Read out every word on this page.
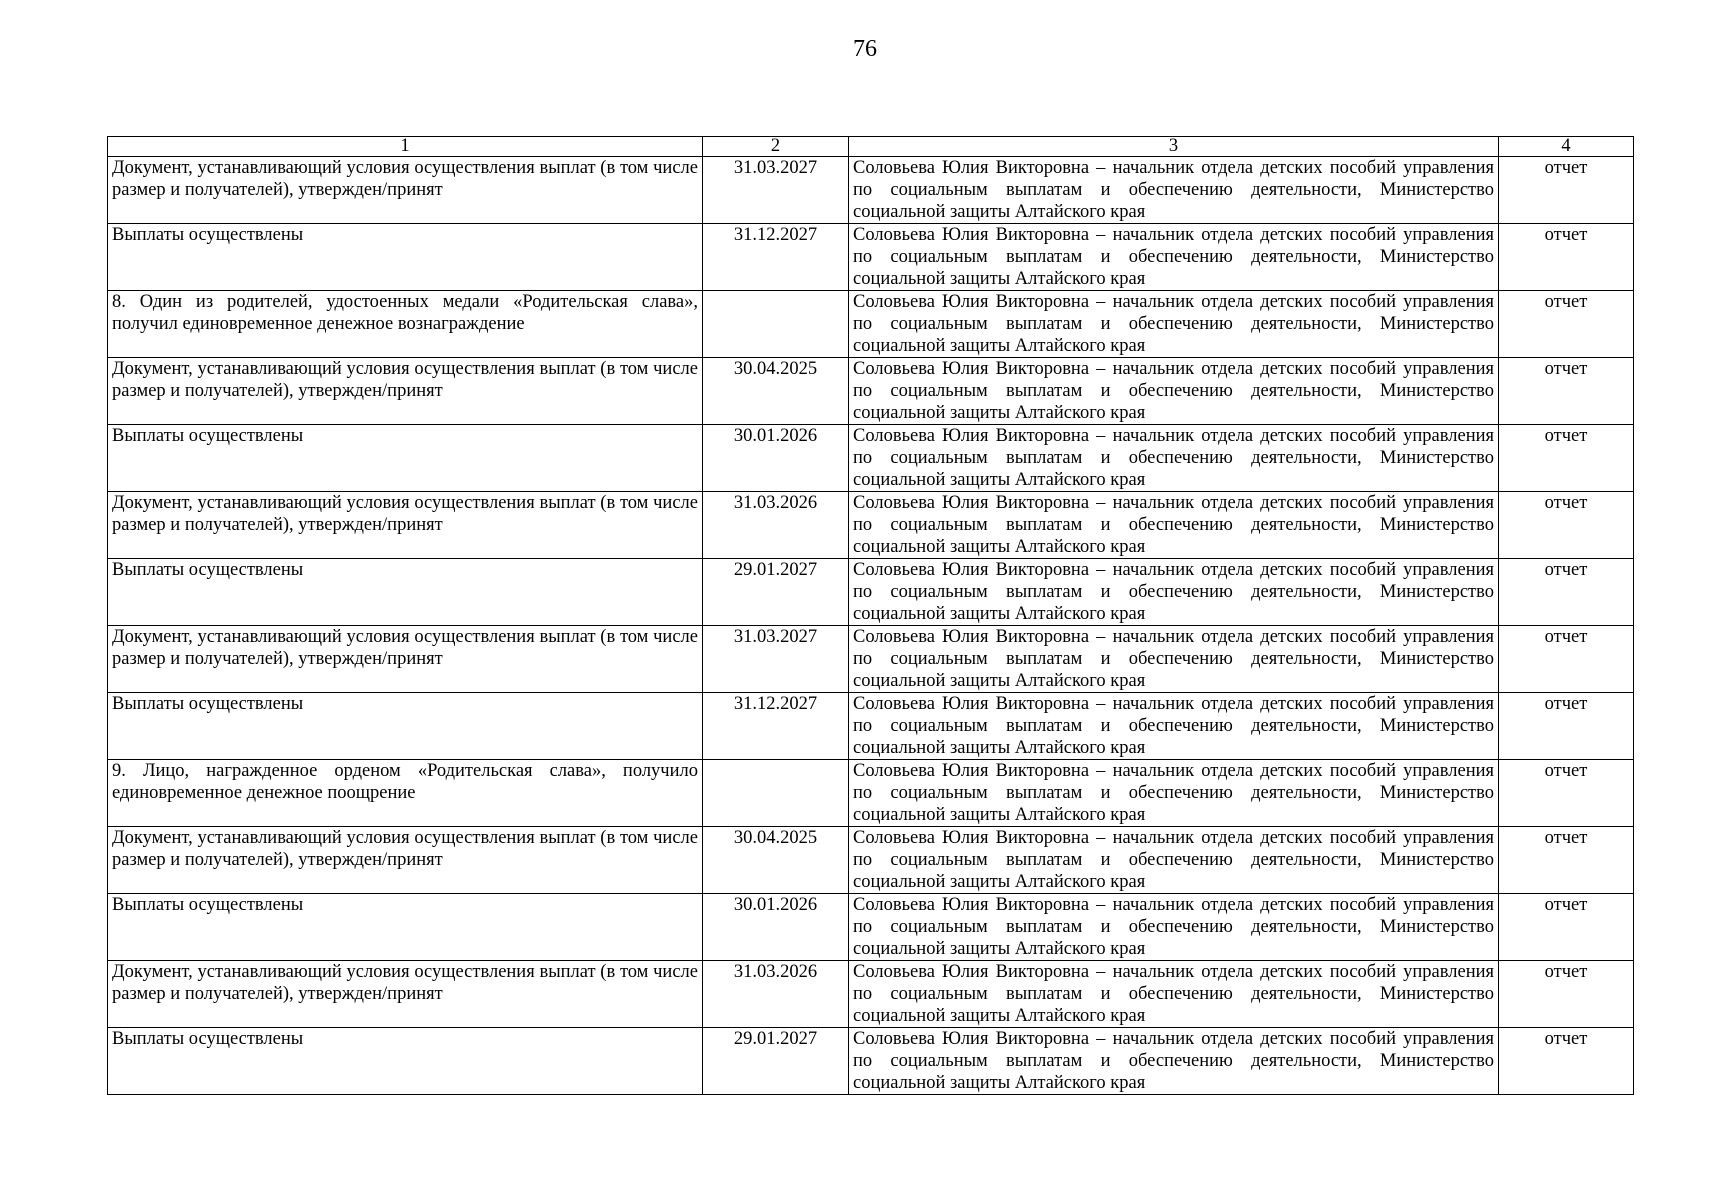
76
1	2	3	4
Документ, устанавливающий условия осуществления выплат (в том числе размер и получателей), утвержден/принят	31.03.2027	Соловьева Юлия Викторовна – начальник отдела детских пособий управления по социальным выплатам и обеспечению деятельности, Министерство социальной защиты Алтайского края	отчет
Выплаты осуществлены	31.12.2027	Соловьева Юлия Викторовна – начальник отдела детских пособий управления по социальным выплатам и обеспечению деятельности, Министерство социальной защиты Алтайского края	отчет
8. Один из родителей, удостоенных медали «Родительская слава», получил единовременное денежное вознаграждение		Соловьева Юлия Викторовна – начальник отдела детских пособий управления по социальным выплатам и обеспечению деятельности, Министерство социальной защиты Алтайского края	отчет
Документ, устанавливающий условия осуществления выплат (в том числе размер и получателей), утвержден/принят	30.04.2025	Соловьева Юлия Викторовна – начальник отдела детских пособий управления по социальным выплатам и обеспечению деятельности, Министерство социальной защиты Алтайского края	отчет
Выплаты осуществлены	30.01.2026	Соловьева Юлия Викторовна – начальник отдела детских пособий управления по социальным выплатам и обеспечению деятельности, Министерство социальной защиты Алтайского края	отчет
Документ, устанавливающий условия осуществления выплат (в том числе размер и получателей), утвержден/принят	31.03.2026	Соловьева Юлия Викторовна – начальник отдела детских пособий управления по социальным выплатам и обеспечению деятельности, Министерство социальной защиты Алтайского края	отчет
Выплаты осуществлены	29.01.2027	Соловьева Юлия Викторовна – начальник отдела детских пособий управления по социальным выплатам и обеспечению деятельности, Министерство социальной защиты Алтайского края	отчет
Документ, устанавливающий условия осуществления выплат (в том числе размер и получателей), утвержден/принят	31.03.2027	Соловьева Юлия Викторовна – начальник отдела детских пособий управления по социальным выплатам и обеспечению деятельности, Министерство социальной защиты Алтайского края	отчет
Выплаты осуществлены	31.12.2027	Соловьева Юлия Викторовна – начальник отдела детских пособий управления по социальным выплатам и обеспечению деятельности, Министерство социальной защиты Алтайского края	отчет
9. Лицо, награжденное орденом «Родительская слава», получило единовременное денежное поощрение		Соловьева Юлия Викторовна – начальник отдела детских пособий управления по социальным выплатам и обеспечению деятельности, Министерство социальной защиты Алтайского края	отчет
Документ, устанавливающий условия осуществления выплат (в том числе размер и получателей), утвержден/принят	30.04.2025	Соловьева Юлия Викторовна – начальник отдела детских пособий управления по социальным выплатам и обеспечению деятельности, Министерство социальной защиты Алтайского края	отчет
Выплаты осуществлены	30.01.2026	Соловьева Юлия Викторовна – начальник отдела детских пособий управления по социальным выплатам и обеспечению деятельности, Министерство социальной защиты Алтайского края	отчет
Документ, устанавливающий условия осуществления выплат (в том числе размер и получателей), утвержден/принят	31.03.2026	Соловьева Юлия Викторовна – начальник отдела детских пособий управления по социальным выплатам и обеспечению деятельности, Министерство социальной защиты Алтайского края	отчет
Выплаты осуществлены	29.01.2027	Соловьева Юлия Викторовна – начальник отдела детских пособий управления по социальным выплатам и обеспечению деятельности, Министерство социальной защиты Алтайского края	отчет
